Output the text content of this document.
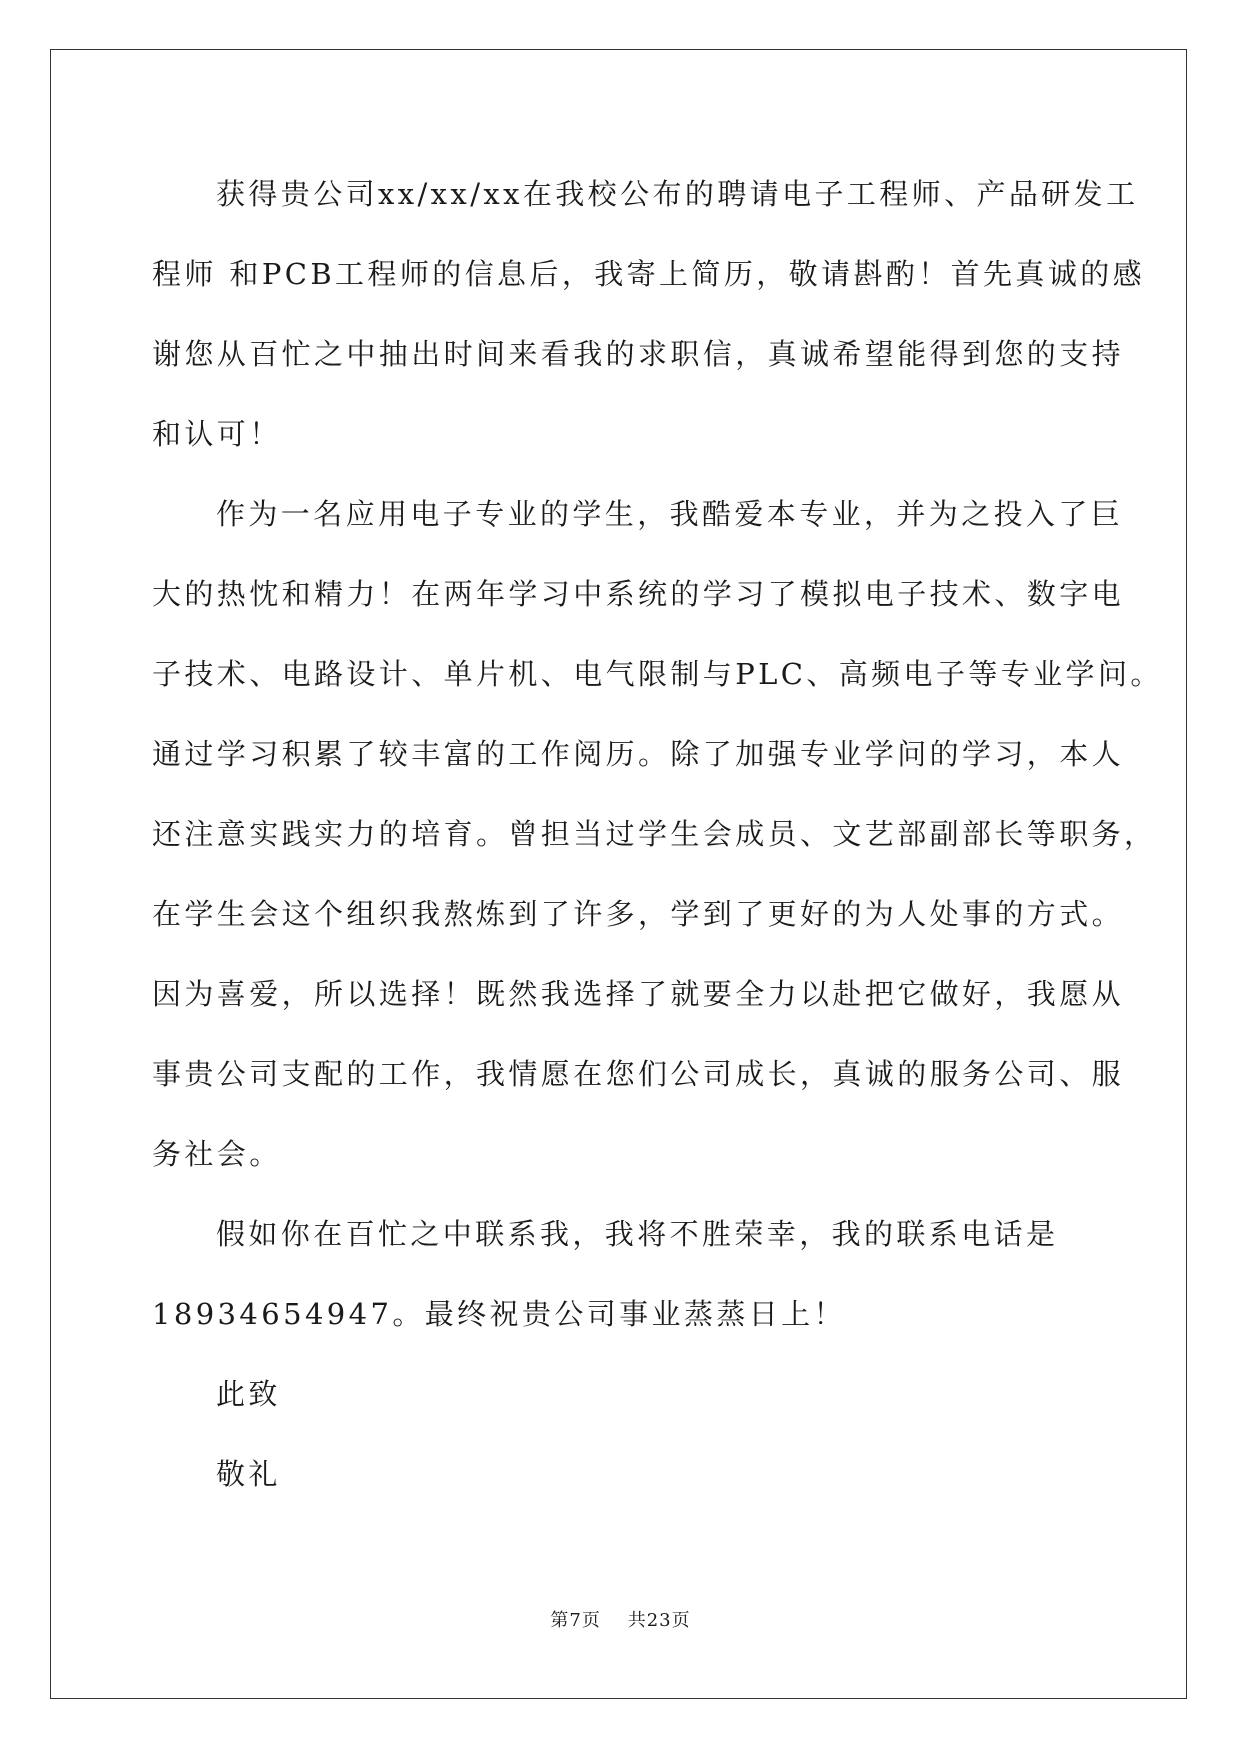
获得贵公司xx/xx/xx在我校公布的聘请电子工程师、产品研发工
程师 和PCB工程师的信息后，我寄上简历，敬请斟酌！首先真诚的感
谢您从百忙之中抽出时间来看我的求职信，真诚希望能得到您的支持
和认可！
作为一名应用电子专业的学生，我酷爱本专业，并为之投入了巨
大的热忱和精力！在两年学习中系统的学习了模拟电子技术、数字电
子技术、电路设计、单片机、电气限制与PLC、高频电子等专业学问。
通过学习积累了较丰富的工作阅历。除了加强专业学问的学习，本人
还注意实践实力的培育。曾担当过学生会成员、文艺部副部长等职务，
在学生会这个组织我熬炼到了许多，学到了更好的为人处事的方式。
因为喜爱，所以选择！既然我选择了就要全力以赴把它做好，我愿从
事贵公司支配的工作，我情愿在您们公司成长，真诚的服务公司、服
务社会。
假如你在百忙之中联系我，我将不胜荣幸，我的联系电话是
18934654947。最终祝贵公司事业蒸蒸日上！
此致
敬礼
第7页 共23页
